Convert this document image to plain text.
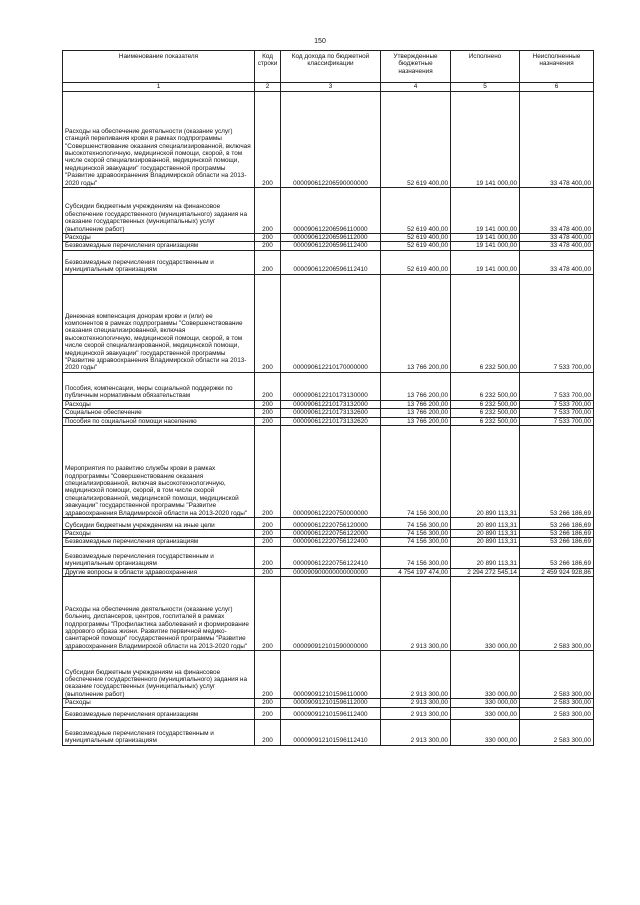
150
Наименование показателя	Код строки	Код дохода по бюджетной классификации	Утвержденные бюджетные назначения	Исполнено	Неисполненные назначения
1	2	3	4	5	6
Расходы на обеспечение деятельности (оказание услуг) станций переливания крови в рамках подпрограммы "Совершенствование оказания специализированной, включая высокотехнологичную, медицинской помощи, скорой, в том числе скорой специализированной, медицинской помощи, медицинской эвакуации" государственной программы "Развитие здравоохранения Владимирской области на 2013-2020 годы"	200	000090612206590000000	52 619 400,00	19 141 000,00	33 478 400,00
Субсидии бюджетным учреждениям на финансовое обеспечение государственного (муниципального) задания на оказание государственных (муниципальных) услуг (выполнение работ)	200	000090612206596110000	52 619 400,00	19 141 000,00	33 478 400,00
Расходы	200	000090612206596112000	52 619 400,00	19 141 000,00	33 478 400,00
Безвозмездные перечисления организациям	200	000090612206596112400	52 619 400,00	19 141 000,00	33 478 400,00
Безвозмездные перечисления государственным и муниципальным организациям	200	000090612206596112410	52 619 400,00	19 141 000,00	33 478 400,00
Денежная компенсация донорам крови и (или) ее компонентов в рамках подпрограммы "Совершенствование оказания специализированной, включая высокотехнологичную, медицинской помощи, скорой, в том числе скорой специализированной, медицинской помощи, медицинской эвакуации" государственной программы "Развитие здравоохранения Владимирской области на 2013-2020 годы"	200	000090612210170000000	13 766 200,00	6 232 500,00	7 533 700,00
Пособия, компенсации, меры социальной поддержки по публичным нормативным обязательствам	200	000090612210173130000	13 766 200,00	6 232 500,00	7 533 700,00
Расходы	200	000090612210173132000	13 766 200,00	6 232 500,00	7 533 700,00
Социальное обеспечение	200	000090612210173132600	13 766 200,00	6 232 500,00	7 533 700,00
Пособия по социальной помощи населению	200	000090612210173132620	13 766 200,00	6 232 500,00	7 533 700,00
Мероприятия по развитию службы крови в рамках подпрограммы "Совершенствование оказания специализированной, включая высокотехнологичную, медицинской помощи, скорой, в том числе скорой специализированной, медицинской помощи, медицинской эвакуации" государственной программы "Развитие здравоохранения Владимирской области на 2013-2020 годы"	200	000090612220750000000	74 156 300,00	20 890 113,31	53 266 186,69
Субсидии бюджетным учреждениям на иные цели	200	000090612220756120000	74 156 300,00	20 890 113,31	53 266 186,69
Расходы	200	000090612220756122000	74 156 300,00	20 890 113,31	53 266 186,69
Безвозмездные перечисления организациям	200	000090612220756122400	74 156 300,00	20 890 113,31	53 266 186,69
Безвозмездные перечисления государственным и муниципальным организациям	200	000090612220756122410	74 156 300,00	20 890 113,31	53 266 186,69
Другие вопросы в области здравоохранения	200	000090900000000000000	4 754 197 474,00	2 294 272 545,14	2 459 924 928,86
Расходы на обеспечение деятельности (оказание услуг) больниц, диспансеров, центров, госпиталей в рамках подпрограммы "Профилактика заболеваний и формирование здорового образа жизни. Развитие первичной медико-санитарной помощи" государственной программы "Развитие здравоохранения Владимирской области на 2013-2020 годы"	200	000090912101590000000	2 913 300,00	330 000,00	2 583 300,00
Субсидии бюджетным учреждениям на финансовое обеспечение государственного (муниципального) задания на оказание государственных (муниципальных) услуг (выполнение работ)	200	000090912101596110000	2 913 300,00	330 000,00	2 583 300,00
Расходы	200	000090912101596112000	2 913 300,00	330 000,00	2 583 300,00
Безвозмездные перечисления организациям	200	000090912101596112400	2 913 300,00	330 000,00	2 583 300,00
Безвозмездные перечисления государственным и муниципальным организациям	200	000090912101596112410	2 913 300,00	330 000,00	2 583 300,00
